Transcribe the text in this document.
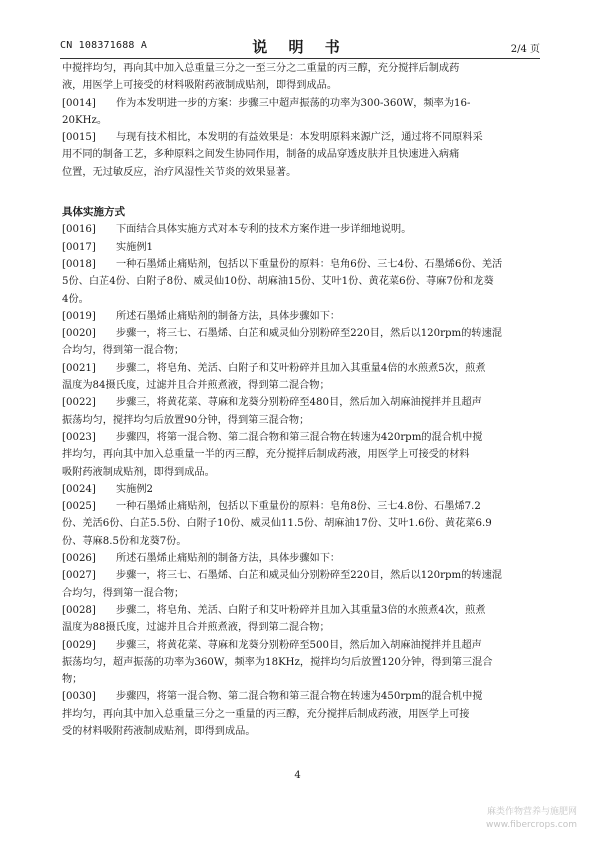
CN 108371688 A	说 明 书	2/4 页
中搅拌均匀，再向其中加入总重量三分之一至三分之二重量的丙三醇，充分搅拌后制成药
液，用医学上可接受的材料吸附药液制成贴剂，即得到成品。
[0014] 作为本发明进一步的方案：步骤三中超声振荡的功率为300-360W，频率为16-
20KHz。
[0015] 与现有技术相比，本发明的有益效果是：本发明原料来源广泛，通过将不同原料采
用不同的制备工艺，多种原料之间发生协同作用，制备的成品穿透皮肤并且快速进入病痛
位置，无过敏反应，治疗风湿性关节炎的效果显著。
具体实施方式
[0016] 下面结合具体实施方式对本专利的技术方案作进一步详细地说明。
[0017] 实施例1
[0018] 一种石墨烯止痛贴剂，包括以下重量份的原料：皂角6份、三七4份、石墨烯6份、羌活
5份、白芷4份、白附子8份、威灵仙10份、胡麻油15份、艾叶1份、黄花菜6份、荨麻7份和龙葵
4份。
[0019] 所述石墨烯止痛贴剂的制备方法，具体步骤如下：
[0020] 步骤一，将三七、石墨烯、白芷和威灵仙分别粉碎至220目，然后以120rpm的转速混
合均匀，得到第一混合物；
[0021] 步骤二，将皂角、羌活、白附子和艾叶粉碎并且加入其重量4倍的水煎煮5次，煎煮
温度为84摄氏度，过滤并且合并煎煮液，得到第二混合物；
[0022] 步骤三，将黄花菜、荨麻和龙葵分别粉碎至480目，然后加入胡麻油搅拌并且超声
振荡均匀，搅拌均匀后放置90分钟，得到第三混合物；
[0023] 步骤四，将第一混合物、第二混合物和第三混合物在转速为420rpm的混合机中搅
拌均匀，再向其中加入总重量一半的丙三醇，充分搅拌后制成药液，用医学上可接受的材料
吸附药液制成贴剂，即得到成品。
[0024] 实施例2
[0025] 一种石墨烯止痛贴剂，包括以下重量份的原料：皂角8份、三七4.8份、石墨烯7.2
份、羌活6份、白芷5.5份、白附子10份、威灵仙11.5份、胡麻油17份、艾叶1.6份、黄花菜6.9
份、荨麻8.5份和龙葵7份。
[0026] 所述石墨烯止痛贴剂的制备方法，具体步骤如下：
[0027] 步骤一，将三七、石墨烯、白芷和威灵仙分别粉碎至220目，然后以120rpm的转速混
合均匀，得到第一混合物；
[0028] 步骤二，将皂角、羌活、白附子和艾叶粉碎并且加入其重量3倍的水煎煮4次，煎煮
温度为88摄氏度，过滤并且合并煎煮液，得到第二混合物；
[0029] 步骤三，将黄花菜、荨麻和龙葵分别粉碎至500目，然后加入胡麻油搅拌并且超声
振荡均匀，超声振荡的功率为360W，频率为18KHz，搅拌均匀后放置120分钟，得到第三混合
物；
[0030] 步骤四，将第一混合物、第二混合物和第三混合物在转速为450rpm的混合机中搅
拌均匀，再向其中加入总重量三分之一重量的丙三醇，充分搅拌后制成药液，用医学上可接
受的材料吸附药液制成贴剂，即得到成品。
4
麻类作物营养与施肥网
www.fibercrops.com
